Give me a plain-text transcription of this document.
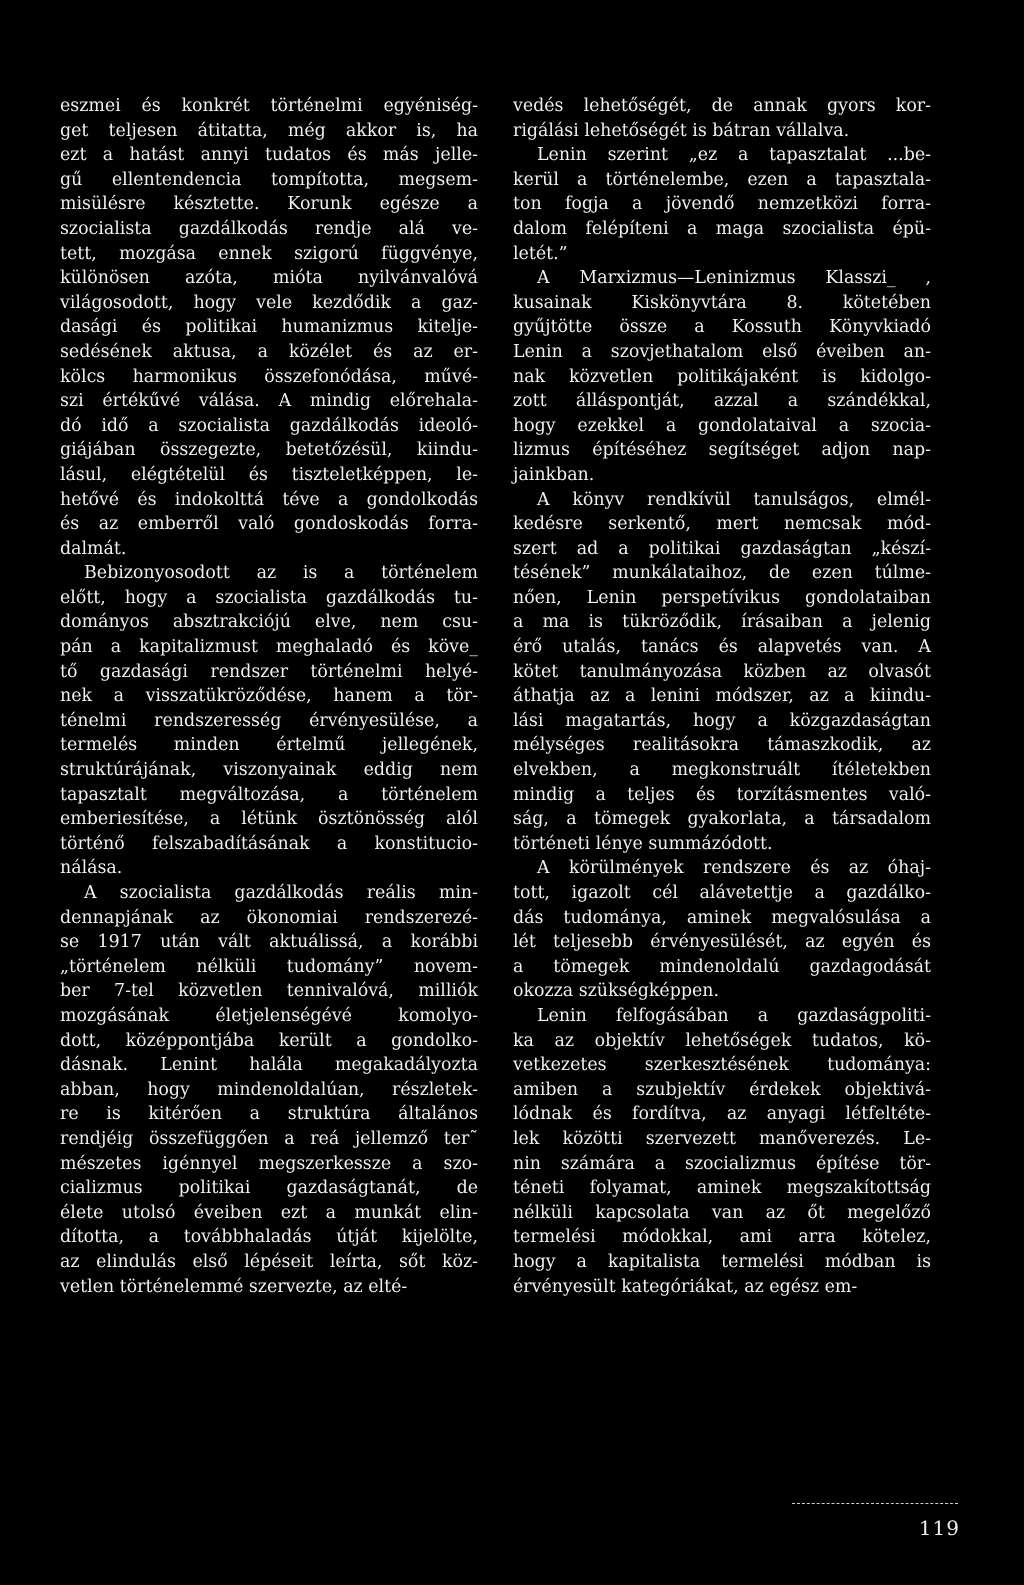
eszmei és konkrét történelmi egyéniség-
get teljesen átitatta, még akkor is, ha
ezt a hatást annyi tudatos és más jelle-
gű ellentendencia tompította, megsem-
misülésre késztette. Korunk egésze a
szocialista gazdálkodás rendje alá ve-
tett, mozgása ennek szigorú függvénye,
különösen azóta, mióta nyilvánvalóvá
világosodott, hogy vele kezdődik a gaz-
dasági és politikai humanizmus kitelje-
sedésének aktusa, a közélet és az er-
kölcs harmonikus összefonódása, művé-
szi értékűvé válása. A mindig előrehala-
dó idő a szocialista gazdálkodás ideoló-
giájában összegezte, betetőzésül, kiindu-
lásul, elégtételül és tiszteletképpen, le-
hetővé és indokolttá téve a gondolkodás
és az emberről való gondoskodás forra-
dalmát.
Bebizonyosodott az is a történelem
előtt, hogy a szocialista gazdálkodás tu-
dományos absztrakciójú elve, nem csu-
pán a kapitalizmust meghaladó és köve_
tő gazdasági rendszer történelmi helyé-
nek a visszatükröződése, hanem a tör-
ténelmi rendszeresség érvényesülése, a
termelés minden értelmű jellegének,
struktúrájának, viszonyainak eddig nem
tapasztalt megváltozása, a történelem
emberiesítése, a létünk ösztönösség alól
történő felszabadításának a konstitucio-
nálása.
A szocialista gazdálkodás reális min-
dennapjának az ökonomiai rendszerezé-
se 1917 után vált aktuálissá, a korábbi
„történelem nélküli tudomány” novem-
ber 7-tel közvetlen tennivalóvá, milliók
mozgásának életjelenségévé komolyo-
dott, középpontjába került a gondolko-
dásnak. Lenint halála megakadályozta
abban, hogy mindenoldalúan, részletek-
re is kitérően a struktúra általános
rendjéig összefüggően a reá jellemző ter˜
mészetes igénnyel megszerkessze a szo-
cializmus politikai gazdaságtanát, de
élete utolsó éveiben ezt a munkát elin-
dította, a továbbhaladás útját kijelölte,
az elindulás első lépéseit leírta, sőt köz-
vetlen történelemmé szervezte, az elté-
vedés lehetőségét, de annak gyors kor-
rigálási lehetőségét is bátran vállalva.
Lenin szerint „ez a tapasztalat ...be-
kerül a történelembe, ezen a tapasztala-
ton fogja a jövendő nemzetközi forra-
dalom felépíteni a maga szocialista épü-
letét.”
A Marxizmus—Leninizmus Klasszi_ ,
kusainak Kiskönyvtára 8. kötetében
gyűjtötte össze a Kossuth Könyvkiadó
Lenin a szovjethatalom első éveiben an-
nak közvetlen politikájaként is kidolgo-
zott álláspontját, azzal a szándékkal,
hogy ezekkel a gondolataival a szocia-
lizmus építéséhez segítséget adjon nap-
jainkban.
A könyv rendkívül tanulságos, elmél-
kedésre serkentő, mert nemcsak mód-
szert ad a politikai gazdaságtan „készí-
tésének” munkálataihoz, de ezen túlme-
nően, Lenin perspetívikus gondolataiban
a ma is tükröződik, írásaiban a jelenig
érő utalás, tanács és alapvetés van. A
kötet tanulmányozása közben az olvasót
áthatja az a lenini módszer, az a kiindu-
lási magatartás, hogy a közgazdaságtan
mélységes realitásokra támaszkodik, az
elvekben, a megkonstruált ítéletekben
mindig a teljes és torzításmentes való-
ság, a tömegek gyakorlata, a társadalom
történeti lénye summázódott.
A körülmények rendszere és az óhaj-
tott, igazolt cél alávetettje a gazdálko-
dás tudománya, aminek megvalósulása a
lét teljesebb érvényesülését, az egyén és
a tömegek mindenoldalú gazdagodását
okozza szükségképpen.
Lenin felfogásában a gazdaságpoliti-
ka az objektív lehetőségek tudatos, kö-
vetkezetes szerkesztésének tudománya:
amiben a szubjektív érdekek objektivá-
lódnak és fordítva, az anyagi létfeltéte-
lek közötti szervezett manőverezés. Le-
nin számára a szocializmus építése tör-
téneti folyamat, aminek megszakítottság
nélküli kapcsolata van az őt megelőző
termelési módokkal, ami arra kötelez,
hogy a kapitalista termelési módban is
érvényesült kategóriákat, az egész em-
119
